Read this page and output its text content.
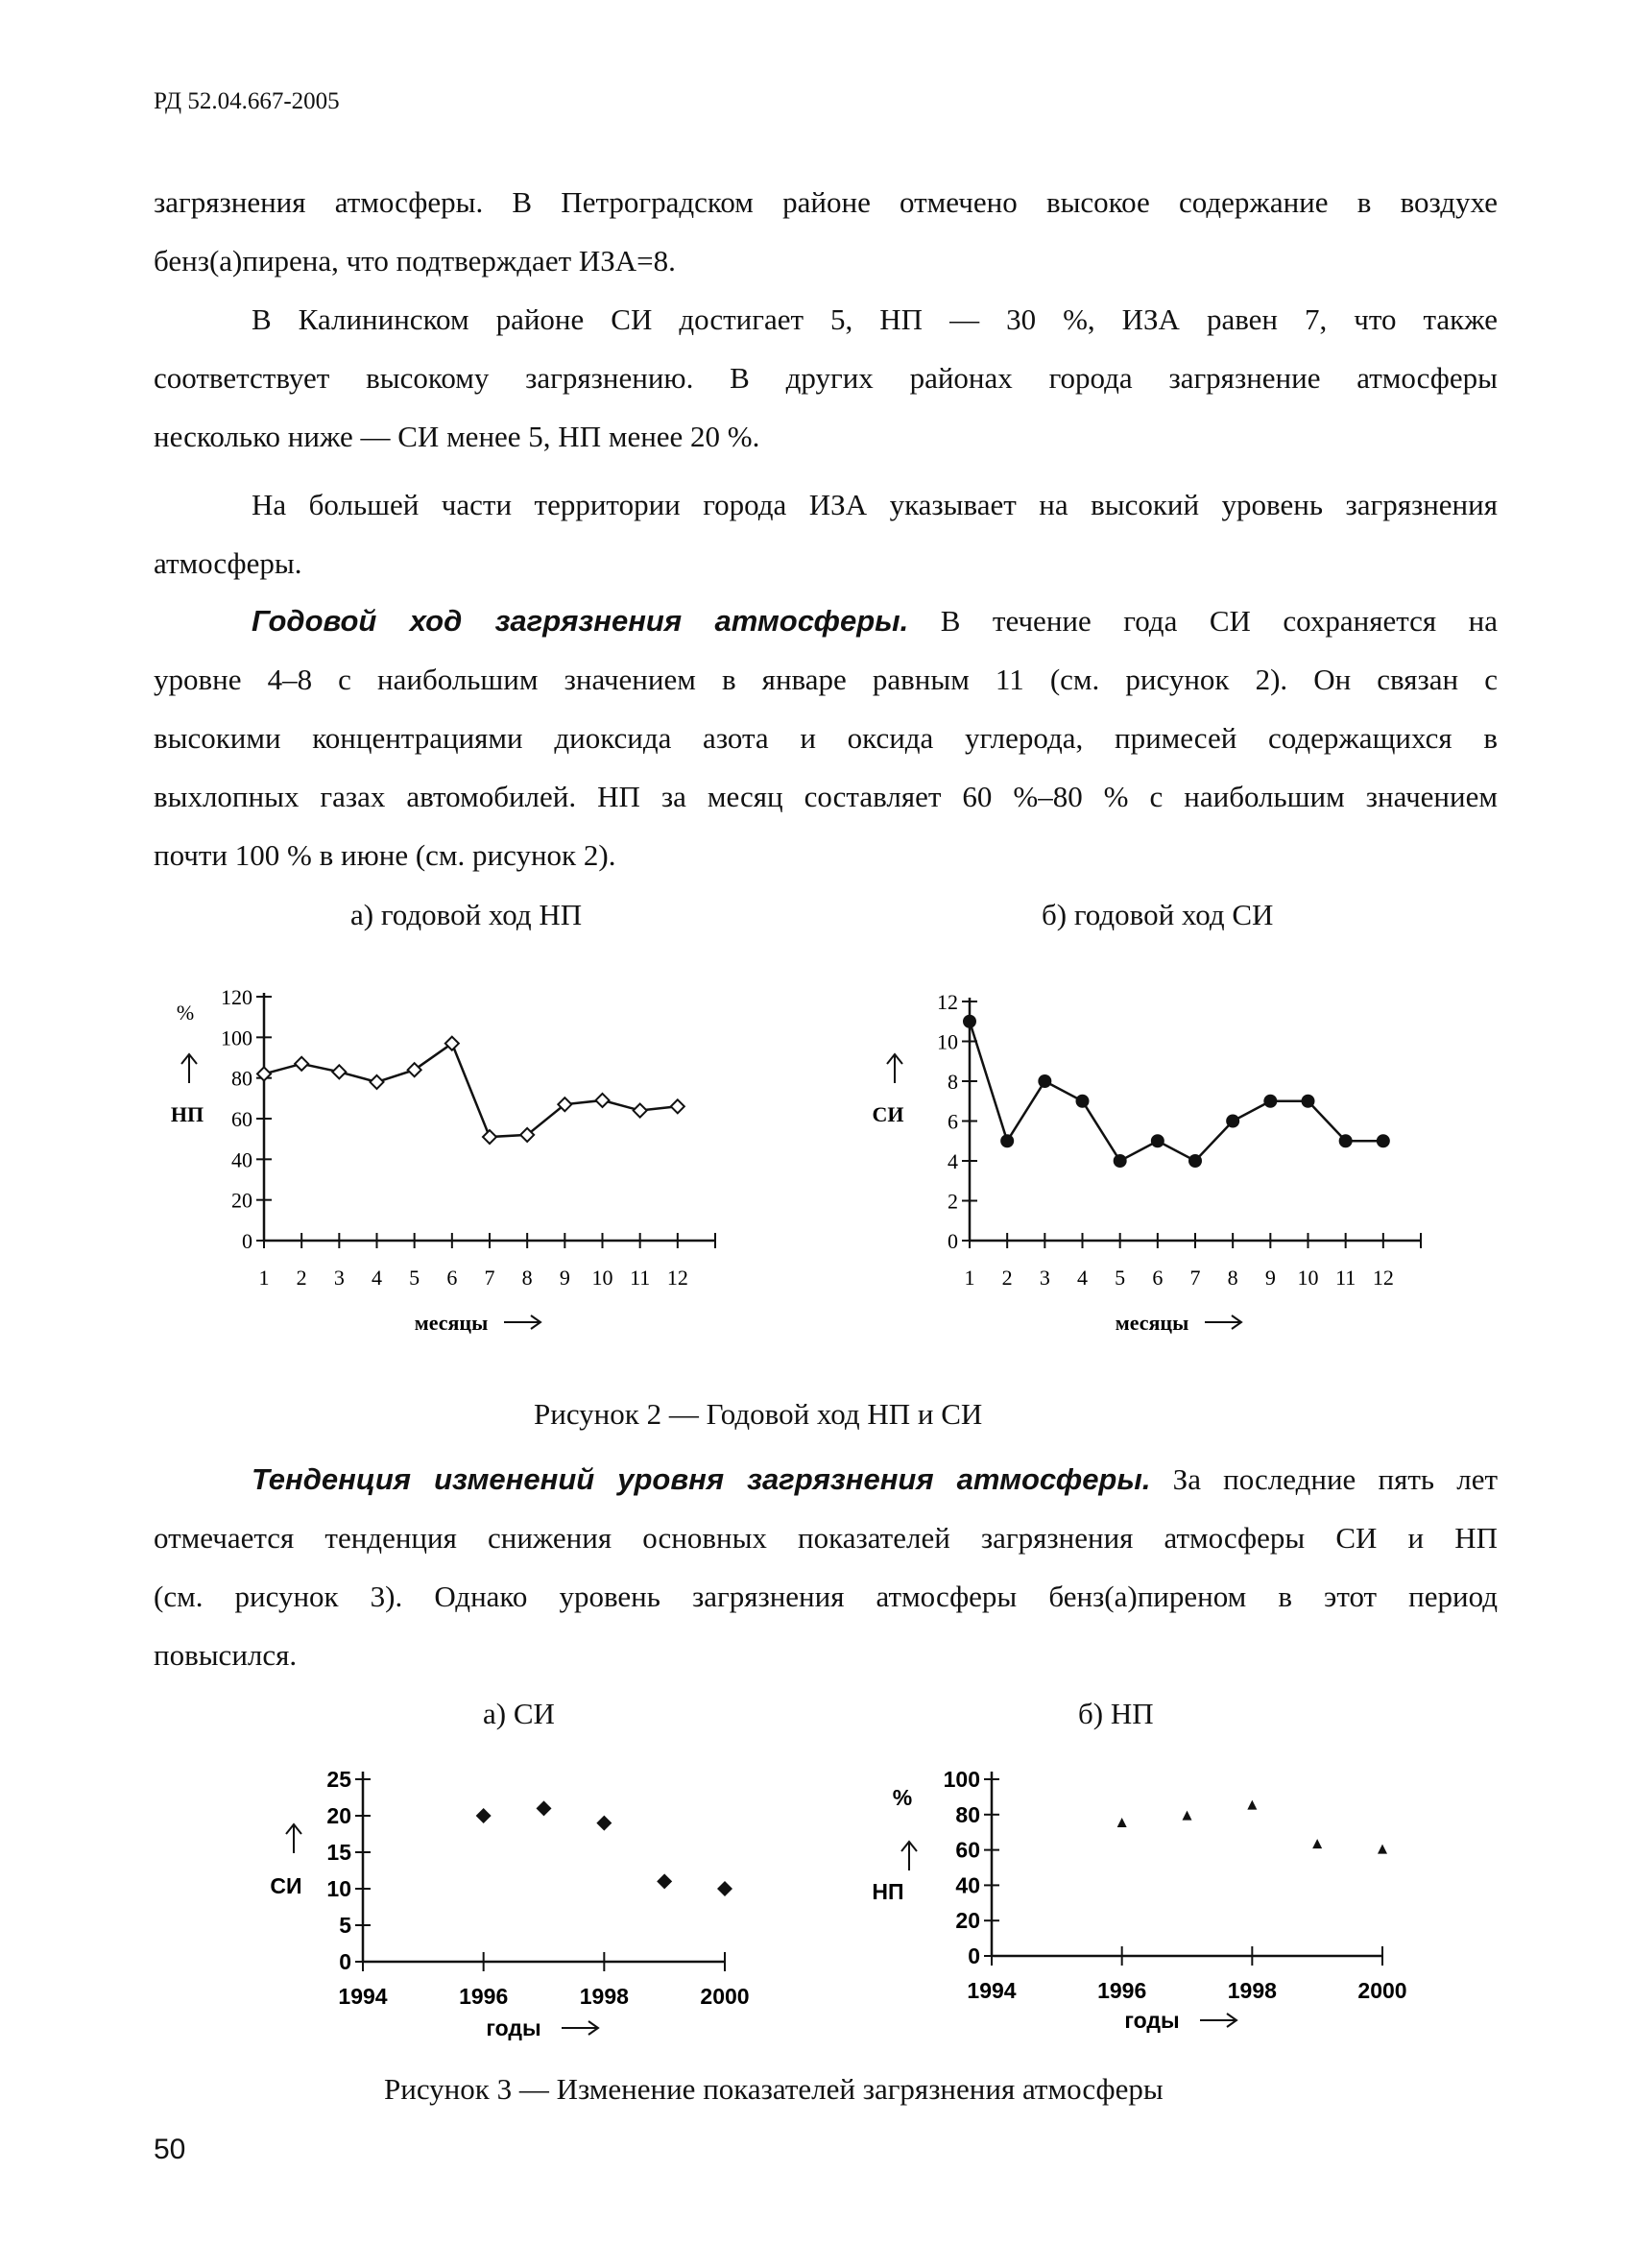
РД 52.04.667-2005

загрязнения атмосферы. В Петроградском районе отмечено высокое содержание в воздухе

бенз(а)пирена, что подтверждает ИЗА=8.

В Калининском районе СИ достигает 5, НП — 30 %, ИЗА равен 7, что также

соответствует высокому загрязнению. В других районах города загрязнение атмосферы

несколько ниже — СИ менее 5, НП менее 20 %.

На большей части территории города ИЗА указывает на высокий уровень загрязнения

атмосферы.

Годовой ход загрязнения атмосферы. В течение года СИ сохраняется на

уровне 4–8 с наибольшим значением в январе равным 11 (см. рисунок 2). Он связан с

высокими концентрациями диоксида азота и оксида углерода, примесей содержащихся в

выхлопных газах автомобилей. НП за месяц составляет 60 %–80 % с наибольшим значением

почти 100 % в июне (см. рисунок 2).

а) годовой ход НП	б) годовой ход СИ
Рисунок 2 — Годовой ход НП и СИ

Тенденция изменений уровня загрязнения атмосферы. За последние пять лет

отмечается тенденция снижения основных показателей загрязнения атмосферы СИ и НП

(см. рисунок 3). Однако уровень загрязнения атмосферы бенз(а)пиреном в этот период

повысился.

а) СИ	б) НП
Рисунок 3 — Изменение показателей загрязнения атмосферы
50
0
20
40
60
80
100
120
1 2 3 4 5 6 7 8 9 10 11 12
месяцы
НП
%
0
2
4
6
8
10
12
1 2 3 4 5 6 7 8 9 10 11 12
месяцы
СИ
0
5
10
15
20
25
1994	1996	1998	2000
годы
СИ
0
20
40
60
80
100
1994	1996	1998	2000
годы
НП
%
